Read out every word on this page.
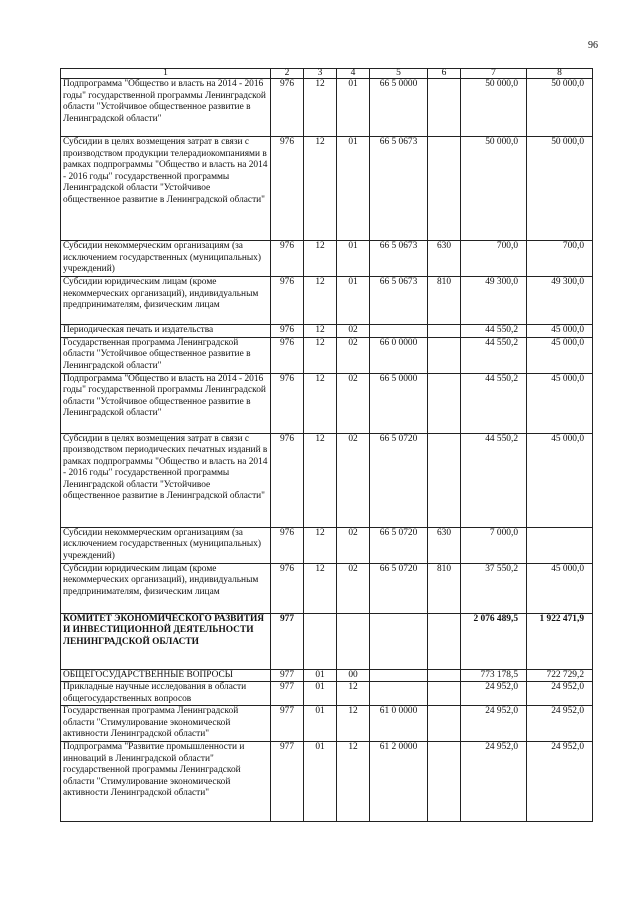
96
1	2	3	4	5	6	7	8
Подпрограмма "Общество и власть на 2014 - 2016 годы" государственной программы Ленинградской области "Устойчивое общественное развитие в Ленинградской области"	976	12	01	66 5 0000		50 000,0	50 000,0
Субсидии в целях возмещения затрат в связи с производством продукции телерадиокомпаниями в рамках подпрограммы "Общество и власть на 2014 - 2016 годы" государственной программы Ленинградской области "Устойчивое общественное развитие в Ленинградской области"	976	12	01	66 5 0673		50 000,0	50 000,0
Субсидии некоммерческим организациям (за исключением государственных (муниципальных) учреждений)	976	12	01	66 5 0673	630	700,0	700,0
Субсидии юридическим лицам (кроме некоммерческих организаций), индивидуальным предпринимателям, физическим лицам	976	12	01	66 5 0673	810	49 300,0	49 300,0
Периодическая печать и издательства	976	12	02			44 550,2	45 000,0
Государственная программа Ленинградской области "Устойчивое общественное развитие в Ленинградской области"	976	12	02	66 0 0000		44 550,2	45 000,0
Подпрограмма "Общество и власть на 2014 - 2016 годы" государственной программы Ленинградской области "Устойчивое общественное развитие в Ленинградской области"	976	12	02	66 5 0000		44 550,2	45 000,0
Субсидии в целях возмещения затрат в связи с производством периодических печатных изданий в рамках подпрограммы "Общество и власть на 2014 - 2016 годы" государственной программы Ленинградской области "Устойчивое общественное развитие в Ленинградской области"	976	12	02	66 5 0720		44 550,2	45 000,0
Субсидии некоммерческим организациям (за исключением государственных (муниципальных) учреждений)	976	12	02	66 5 0720	630	7 000,0	
Субсидии юридическим лицам (кроме некоммерческих организаций), индивидуальным предпринимателям, физическим лицам	976	12	02	66 5 0720	810	37 550,2	45 000,0
КОМИТЕТ ЭКОНОМИЧЕСКОГО РАЗВИТИЯ И ИНВЕСТИЦИОННОЙ ДЕЯТЕЛЬНОСТИ ЛЕНИНГРАДСКОЙ ОБЛАСТИ	977					2 076 489,5	1 922 471,9
ОБЩЕГОСУДАРСТВЕННЫЕ ВОПРОСЫ	977	01	00			773 178,5	722 729,2
Прикладные научные исследования в области общегосударственных вопросов	977	01	12			24 952,0	24 952,0
Государственная программа Ленинградской области "Стимулирование экономической активности Ленинградской области"	977	01	12	61 0 0000		24 952,0	24 952,0
Подпрограмма "Развитие промышленности и инноваций в Ленинградской области" государственной программы Ленинградской области "Стимулирование экономической активности Ленинградской области"	977	01	12	61 2 0000		24 952,0	24 952,0
